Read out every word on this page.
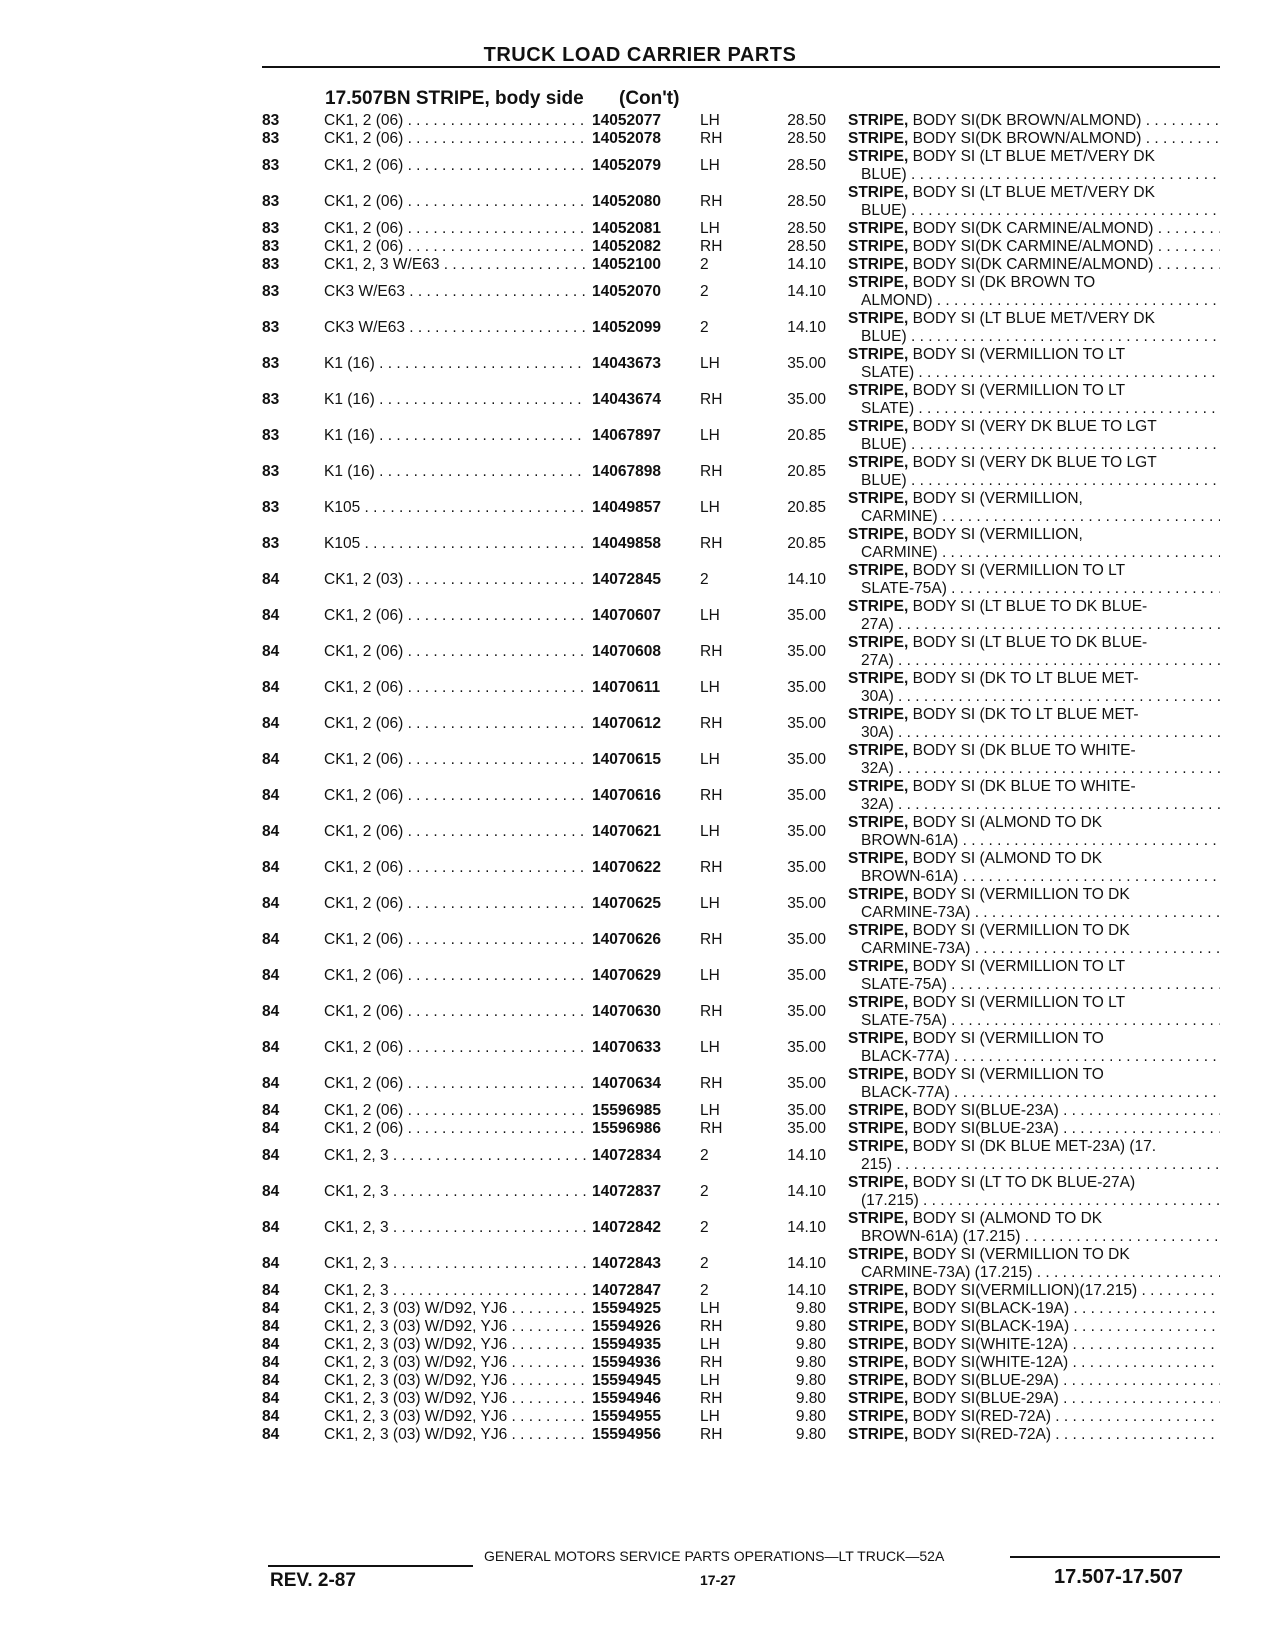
TRUCK LOAD CARRIER PARTS
17.507BN STRIPE, body side (Con't)
83	CK1, 2 (06) . . .	14052077	LH	28.50 STRIPE, BODY SI(DK BROWN/ALMOND) . . .
83	CK1, 2 (06) . . .	14052078	RH	28.50 STRIPE, BODY SI(DK BROWN/ALMOND) . . .
83	CK1, 2 (06) . . .	14052079	LH	28.50
STRIPE, BODY SI (LT BLUE MET/VERY DK
BLUE) . . .
83	CK1, 2 (06) . . .	14052080	RH	28.50
STRIPE, BODY SI (LT BLUE MET/VERY DK
BLUE) . . .
83	CK1, 2 (06) . . .	14052081	LH	28.50 STRIPE, BODY SI(DK CARMINE/ALMOND) . . .
83	CK1, 2 (06) . . .	14052082	RH	28.50 STRIPE, BODY SI(DK CARMINE/ALMOND) . . .
83	CK1, 2, 3 W/E63 . . .	14052100	2	14.10 STRIPE, BODY SI(DK CARMINE/ALMOND) . . .
83	CK3 W/E63 . . .	14052070	2	14.10
STRIPE, BODY SI (DK BROWN TO
ALMOND) . . .
83	CK3 W/E63 . . .	14052099	2	14.10
STRIPE, BODY SI (LT BLUE MET/VERY DK
BLUE) . . .
83	K1 (16) . . .	14043673	LH	35.00
STRIPE, BODY SI (VERMILLION TO LT
SLATE) . . .
83	K1 (16) . . .	14043674	RH	35.00
STRIPE, BODY SI (VERMILLION TO LT
SLATE) . . .
83	K1 (16) . . .	14067897	LH	20.85
STRIPE, BODY SI (VERY DK BLUE TO LGT
BLUE) . . .
83	K1 (16) . . .	14067898	RH	20.85
STRIPE, BODY SI (VERY DK BLUE TO LGT
BLUE) . . .
83	K105 . . .	14049857	LH	20.85
STRIPE, BODY SI (VERMILLION,
CARMINE) . . .
83	K105 . . .	14049858	RH	20.85
STRIPE, BODY SI (VERMILLION,
CARMINE) . . .
84	CK1, 2 (03) . . .	14072845	2	14.10
STRIPE, BODY SI (VERMILLION TO LT
SLATE-75A) . . .
84	CK1, 2 (06) . . .	14070607	LH	35.00
STRIPE, BODY SI (LT BLUE TO DK BLUE-
27A) . . .
84	CK1, 2 (06) . . .	14070608	RH	35.00
STRIPE, BODY SI (LT BLUE TO DK BLUE-
27A) . . .
84	CK1, 2 (06) . . .	14070611	LH	35.00
STRIPE, BODY SI (DK TO LT BLUE MET-
30A) . . .
84	CK1, 2 (06) . . .	14070612	RH	35.00
STRIPE, BODY SI (DK TO LT BLUE MET-
30A) . . .
84	CK1, 2 (06) . . .	14070615	LH	35.00
STRIPE, BODY SI (DK BLUE TO WHITE-
32A) . . .
84	CK1, 2 (06) . . .	14070616	RH	35.00
STRIPE, BODY SI (DK BLUE TO WHITE-
32A) . . .
84	CK1, 2 (06) . . .	14070621	LH	35.00
STRIPE, BODY SI (ALMOND TO DK
BROWN-61A) . . .
84	CK1, 2 (06) . . .	14070622	RH	35.00
STRIPE, BODY SI (ALMOND TO DK
BROWN-61A) . . .
84	CK1, 2 (06) . . .	14070625	LH	35.00
STRIPE, BODY SI (VERMILLION TO DK
CARMINE-73A) . . .
84	CK1, 2 (06) . . .	14070626	RH	35.00
STRIPE, BODY SI (VERMILLION TO DK
CARMINE-73A) . . .
84	CK1, 2 (06) . . .	14070629	LH	35.00
STRIPE, BODY SI (VERMILLION TO LT
SLATE-75A) . . .
84	CK1, 2 (06) . . .	14070630	RH	35.00
STRIPE, BODY SI (VERMILLION TO LT
SLATE-75A) . . .
84	CK1, 2 (06) . . .	14070633	LH	35.00
STRIPE, BODY SI (VERMILLION TO
BLACK-77A) . . .
84	CK1, 2 (06) . . .	14070634	RH	35.00
STRIPE, BODY SI (VERMILLION TO
BLACK-77A) . . .
84	CK1, 2 (06) . . .	15596985	LH	35.00 STRIPE, BODY SI(BLUE-23A) . . .
84	CK1, 2 (06) . . .	15596986	RH	35.00 STRIPE, BODY SI(BLUE-23A) . . .
84	CK1, 2, 3 . . .	14072834	2	14.10
STRIPE, BODY SI (DK BLUE MET-23A) (17.
215) . . .
84	CK1, 2, 3 . . .	14072837	2	14.10
STRIPE, BODY SI (LT TO DK BLUE-27A)
(17.215) . . .
84	CK1, 2, 3 . . .	14072842	2	14.10
STRIPE, BODY SI (ALMOND TO DK
BROWN-61A) (17.215) . . .
84	CK1, 2, 3 . . .	14072843	2	14.10
STRIPE, BODY SI (VERMILLION TO DK
CARMINE-73A) (17.215) . . .
84	CK1, 2, 3 . . .	14072847	2	14.10 STRIPE, BODY SI(VERMILLION)(17.215) . . .
84	CK1, 2, 3 (03) W/D92, YJ6 . . .	15594925	LH	9.80 STRIPE, BODY SI(BLACK-19A) . . .
84	CK1, 2, 3 (03) W/D92, YJ6 . . .	15594926	RH	9.80 STRIPE, BODY SI(BLACK-19A) . . .
84	CK1, 2, 3 (03) W/D92, YJ6 . . .	15594935	LH	9.80 STRIPE, BODY SI(WHITE-12A) . . .
84	CK1, 2, 3 (03) W/D92, YJ6 . . .	15594936	RH	9.80 STRIPE, BODY SI(WHITE-12A) . . .
84	CK1, 2, 3 (03) W/D92, YJ6 . . .	15594945	LH	9.80 STRIPE, BODY SI(BLUE-29A) . . .
84	CK1, 2, 3 (03) W/D92, YJ6 . . .	15594946	RH	9.80 STRIPE, BODY SI(BLUE-29A) . . .
84	CK1, 2, 3 (03) W/D92, YJ6 . . .	15594955	LH	9.80 STRIPE, BODY SI(RED-72A) . . .
84	CK1, 2, 3 (03) W/D92, YJ6 . . .	15594956	RH	9.80 STRIPE, BODY SI(RED-72A) . . .
GENERAL MOTORS SERVICE PARTS OPERATIONS—LT TRUCK—52A
17-27
REV. 2-87	17.507-17.507
